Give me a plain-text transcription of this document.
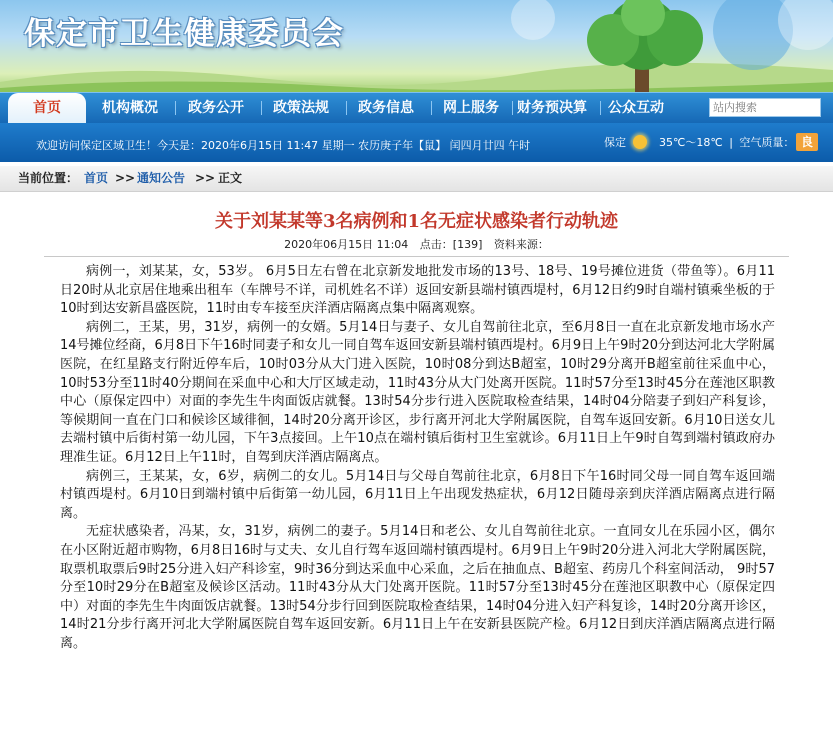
保定市卫生健康委员会
首页	机构概况 政务公开 政策法规 政务信息 网上服务 财务预决算 公众互动
站内搜索
欢迎访问保定区域卫生！今天是：2020年6月15日 11:47 星期一 农历庚子年【鼠】 闰四月廿四 午时	保定	35℃～18℃ | 空气质量： 良
当前位置： 首页 >> 通知公告 >> 正文
关于刘某某等3名病例和1名无症状感染者行动轨迹
2020年06月15日 11:04 点击：[139] 资料来源：

病例一，刘某某，女，53岁。 6月5日左右曾在北京新发地批发市场的13号、18号、19号摊位进货（带鱼等）。6月11日20时从北京居住地乘出租车（车牌号不详，司机姓名不详）返回安新县端村镇西堤村，6月12日约9时自端村镇乘坐板的于10时到达安新昌盛医院，11时由专车接至庆洋酒店隔离点集中隔离观察。

病例二，王某，男，31岁，病例一的女婿。5月14日与妻子、女儿自驾前往北京，至6月8日一直在北京新发地市场水产14号摊位经商，6月8日下午16时同妻子和女儿一同自驾车返回安新县端村镇西堤村。6月9日上午9时20分到达河北大学附属医院，在红星路支行附近停车后，10时03分从大门进入医院，10时08分到达B超室，10时29分离开B超室前往采血中心，10时53分至11时40分期间在采血中心和大厅区域走动，11时43分从大门处离开医院。11时57分至13时45分在莲池区职教中心（原保定四中）对面的李先生牛肉面饭店就餐。13时54分步行进入医院取检查结果，14时04分陪妻子到妇产科复诊，等候期间一直在门口和候诊区域徘徊，14时20分离开诊区，步行离开河北大学附属医院，自驾车返回安新。6月10日送女儿去端村镇中后街村第一幼儿园，下午3点接回。上午10点在端村镇后街村卫生室就诊。6月11日上午9时自驾到端村镇政府办理准生证。6月12日上午11时，自驾到庆洋酒店隔离点。

病例三，王某某，女，6岁，病例二的女儿。5月14日与父母自驾前往北京，6月8日下午16时同父母一同自驾车返回端村镇西堤村。6月10日到端村镇中后街第一幼儿园，6月11日上午出现发热症状，6月12日随母亲到庆洋酒店隔离点进行隔离。

无症状感染者，冯某，女，31岁，病例二的妻子。5月14日和老公、女儿自驾前往北京。一直同女儿在乐园小区，偶尔在小区附近超市购物，6月8日16时与丈夫、女儿自行驾车返回端村镇西堤村。6月9日上午9时20分进入河北大学附属医院，取票机取票后9时25分进入妇产科诊室，9时36分到达采血中心采血，之后在抽血点、B超室、药房几个科室间活动， 9时57分至10时29分在B超室及候诊区活动。11时43分从大门处离开医院。11时57分至13时45分在莲池区职教中心（原保定四中）对面的李先生牛肉面饭店就餐。13时54分步行回到医院取检查结果，14时04分进入妇产科复诊，14时20分离开诊区，14时21分步行离开河北大学附属医院自驾车返回安新。6月11日上午在安新县医院产检。6月12日到庆洋酒店隔离点进行隔离。
